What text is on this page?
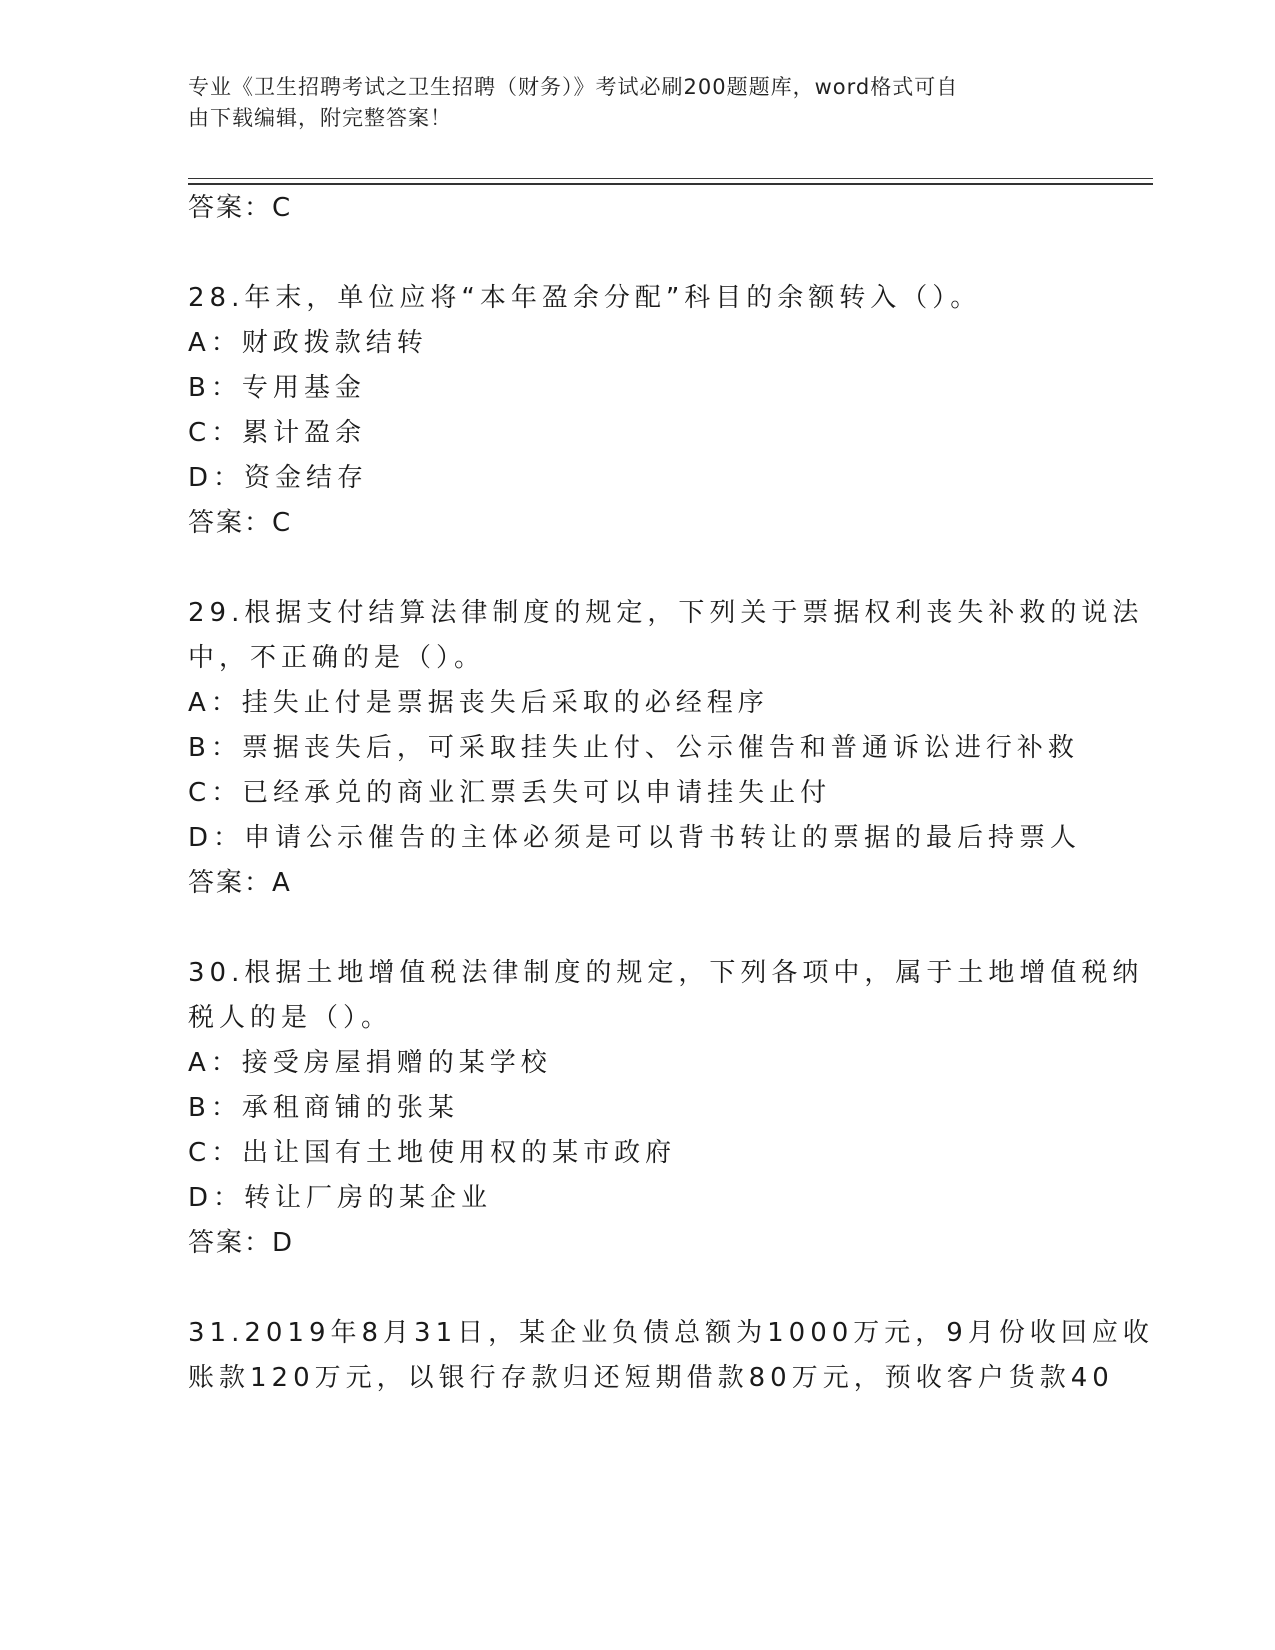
专业《卫生招聘考试之卫生招聘（财务）》考试必刷200题题库，word格式可自
由下载编辑，附完整答案！
答案：C
28.年末，单位应将“本年盈余分配”科目的余额转入（）。
A：财政拨款结转
B：专用基金
C：累计盈余
D：资金结存
答案：C
29.根据支付结算法律制度的规定，下列关于票据权利丧失补救的说法
中，不正确的是（）。
A：挂失止付是票据丧失后采取的必经程序
B：票据丧失后，可采取挂失止付、公示催告和普通诉讼进行补救
C：已经承兑的商业汇票丢失可以申请挂失止付
D：申请公示催告的主体必须是可以背书转让的票据的最后持票人
答案：A
30.根据土地增值税法律制度的规定，下列各项中，属于土地增值税纳
税人的是（）。
A：接受房屋捐赠的某学校
B：承租商铺的张某
C：出让国有土地使用权的某市政府
D：转让厂房的某企业
答案：D
31.2019年8月31日，某企业负债总额为1000万元，9月份收回应收
账款120万元，以银行存款归还短期借款80万元，预收客户货款40
